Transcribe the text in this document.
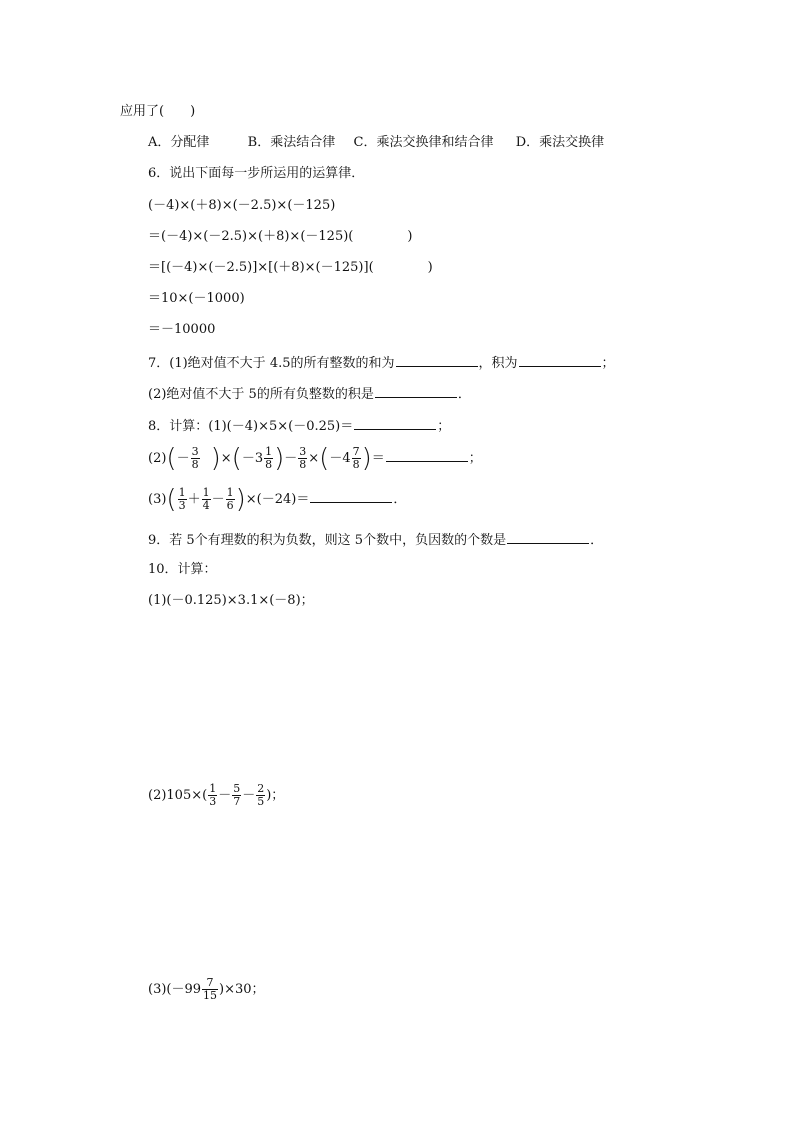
应用了(　　)
A．分配律	B．乘法结合律 C．乘法交换律和结合律 D．乘法交换律
6．说出下面每一步所运用的运算律．
(－4)×(＋8)×(－2.5)×(－125)
＝(－4)×(－2.5)×(＋8)×(－125)(	)
＝[(－4)×(－2.5)]×[(＋8)×(－125)](	)
＝10×(－1000)
＝－10000
7．(1)绝对值不大于 4.5的所有整数的和为	，积为	；
(2)绝对值不大于 5的所有负整数的积是	．
8．计算：(1)(－4)×5×(－0.25)＝	；
$(2)(- \frac{3}{8} )\times(-3 \frac{1}{8}$ )－ $\frac{3}{8} \times(-4 \frac{7}{8}$ )＝	；
$(3)( \frac{1}{3} + \frac{1}{4} - \frac{1}{6} )\times(-24)=$	．
9．若 5个有理数的积为负数，则这 5个数中，负因数的个数是	．
10．计算：
(1)(－0.125)×3.1×(－8)；
$(2)105\times( \frac{1}{3} - \frac{5}{7} - \frac{2}{5}$ )；
$(3)(-99 \frac{7}{15} )\times 30$；
